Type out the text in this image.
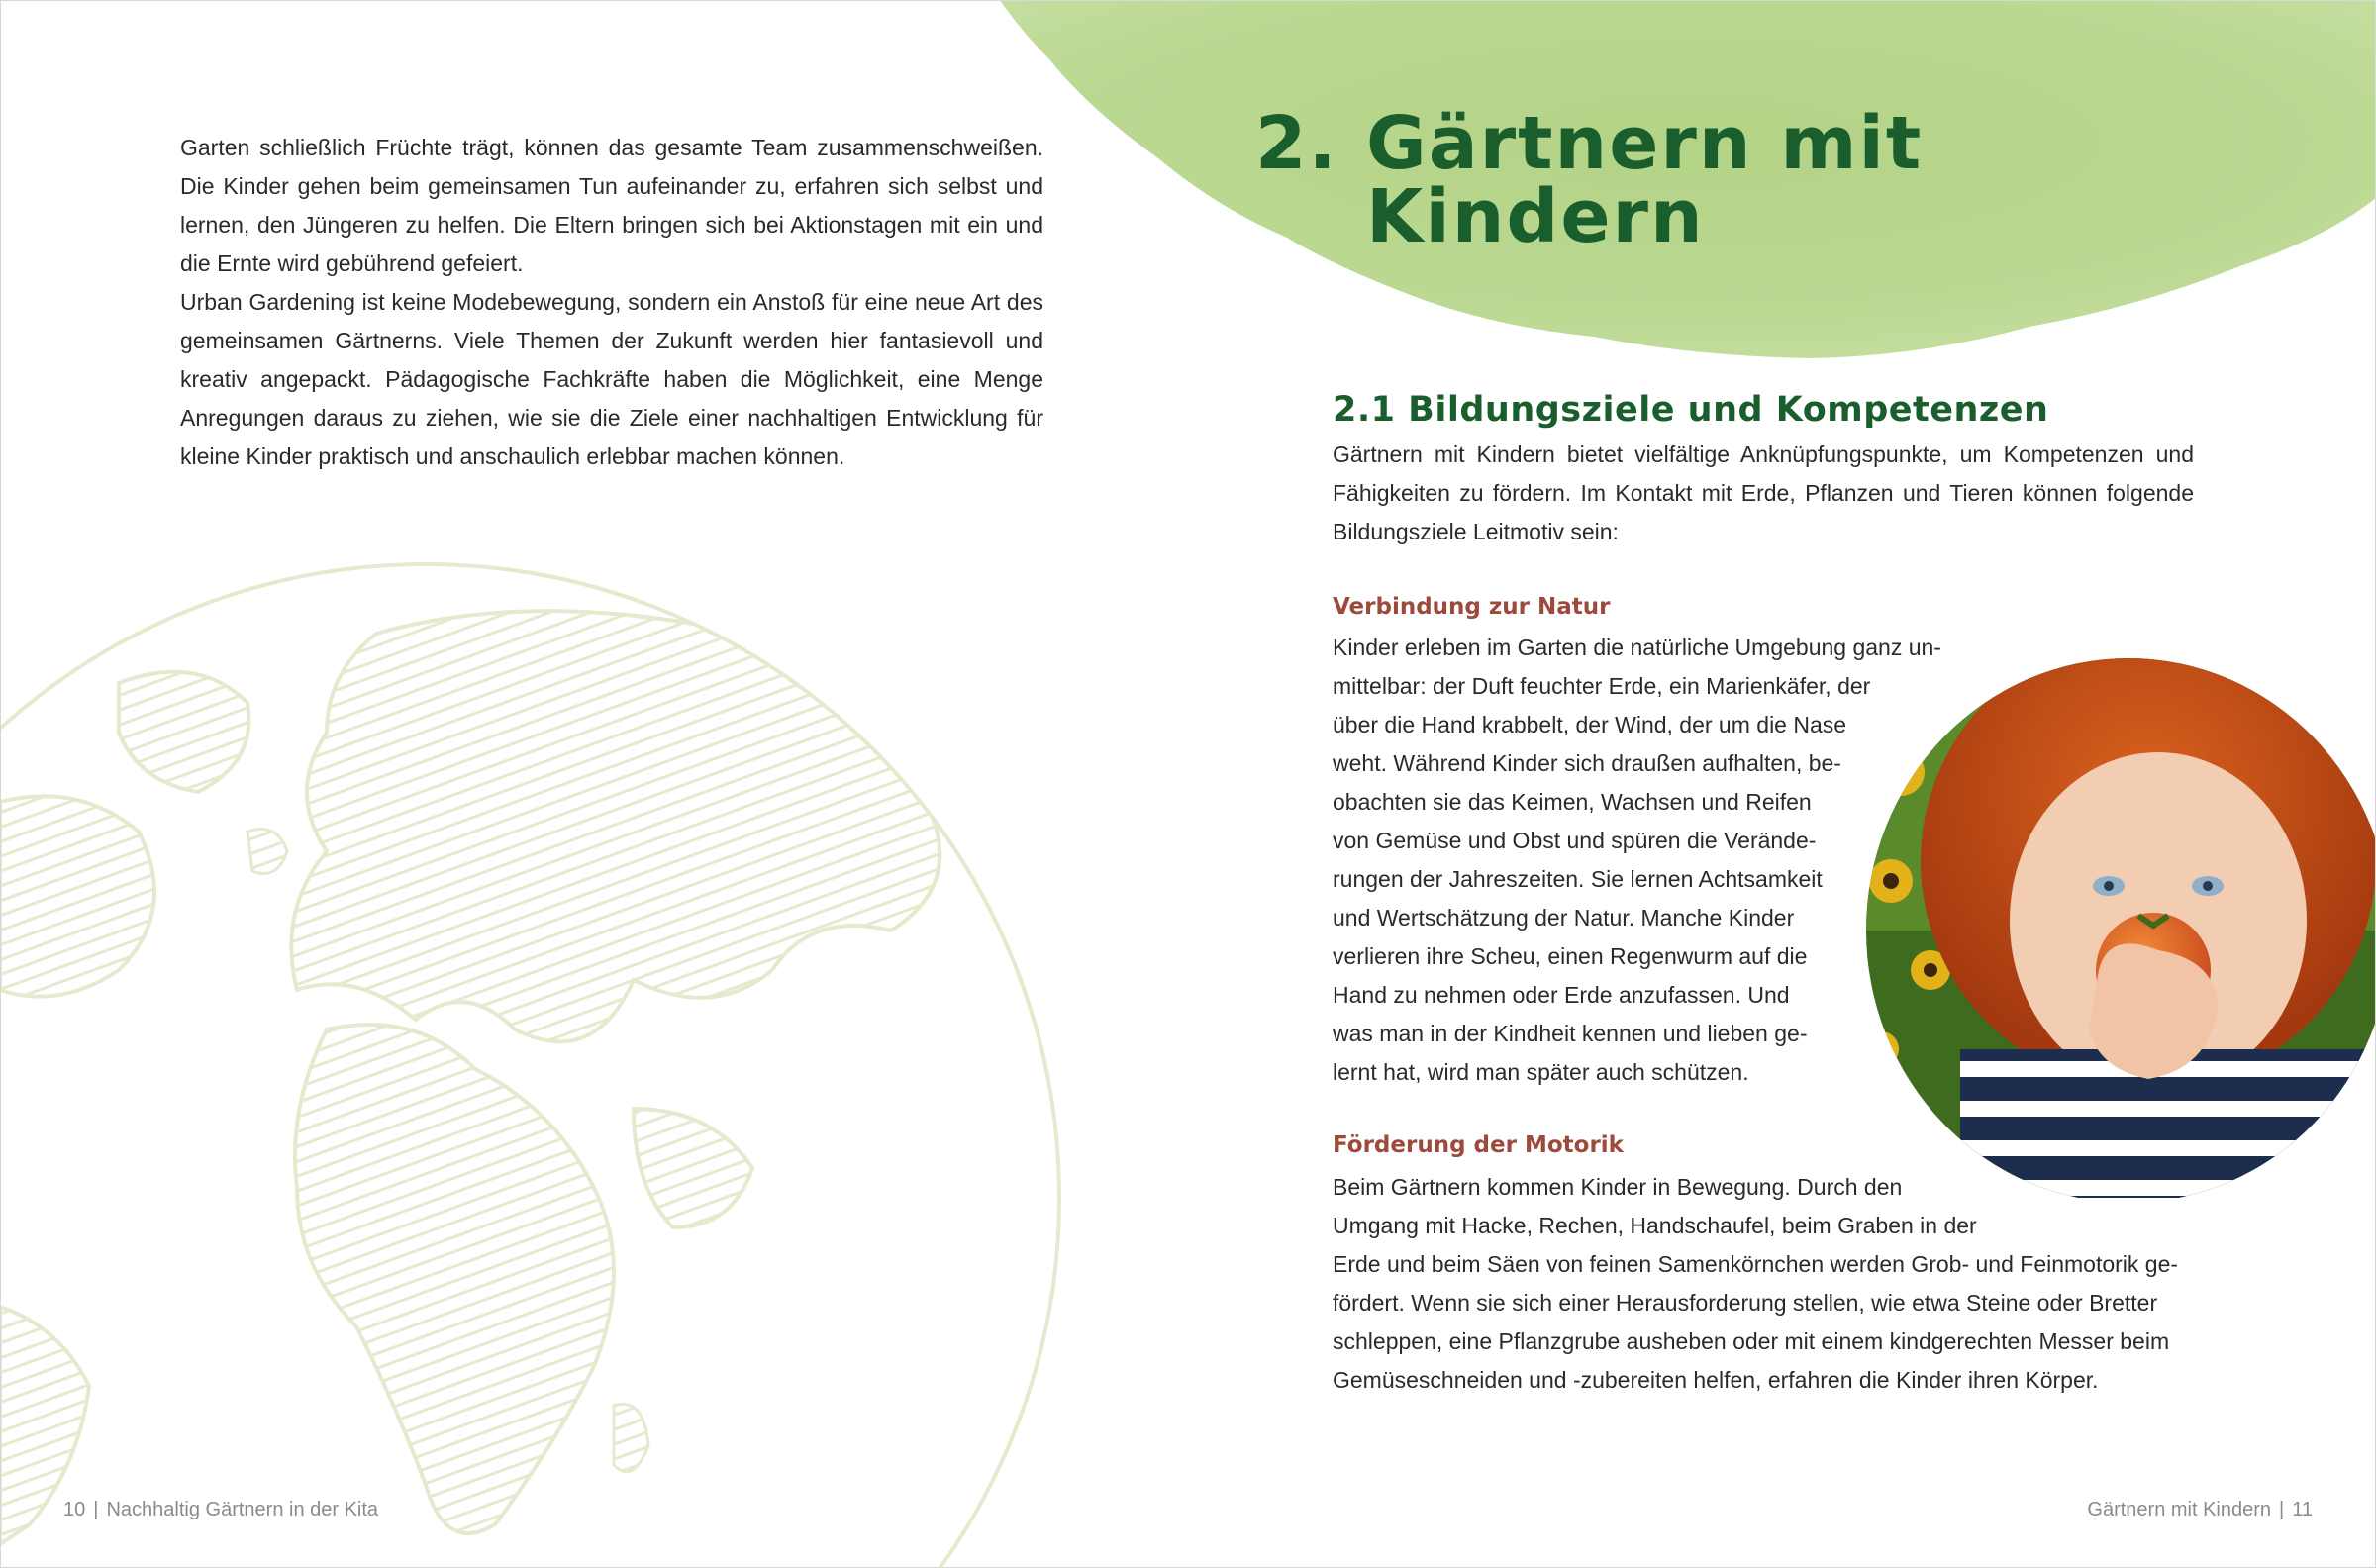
Garten schließlich Früchte trägt, können das gesamte Team zusammenschweißen. Die Kinder gehen beim gemeinsamen Tun aufeinander zu, erfahren sich selbst und lernen, den Jüngeren zu helfen. Die Eltern bringen sich bei Aktionstagen mit ein und die Ernte wird gebührend gefeiert.

Urban Gardening ist keine Modebewegung, sondern ein Anstoß für eine neue Art des gemeinsamen Gärtnerns. Viele Themen der Zukunft werden hier fantasievoll und kreativ angepackt. Pädagogische Fachkräfte haben die Möglichkeit, eine Menge Anregungen daraus zu ziehen, wie sie die Ziele einer nachhaltigen Entwicklung für kleine Kinder praktisch und anschaulich erlebbar machen können.

10 | Nachhaltig Gärtnern in der Kita
2. Gärtnern mit
Kindern
2.1 Bildungsziele und Kompetenzen

Gärtnern mit Kindern bietet vielfältige Anknüpfungspunkte, um Kompetenzen und Fähigkeiten zu fördern. Im Kontakt mit Erde, Pflanzen und Tieren können folgende Bildungsziele Leitmotiv sein:

Verbindung zur Natur
Kinder erleben im Garten die natürliche Umgebung ganz un-
mittelbar: der Duft feuchter Erde, ein Marienkäfer, der
über die Hand krabbelt, der Wind, der um die Nase
weht. Während Kinder sich draußen aufhalten, be-
obachten sie das Keimen, Wachsen und Reifen
von Gemüse und Obst und spüren die Verände-
rungen der Jahreszeiten. Sie lernen Achtsamkeit
und Wertschätzung der Natur. Manche Kinder
verlieren ihre Scheu, einen Regenwurm auf die
Hand zu nehmen oder Erde anzufassen. Und
was man in der Kindheit kennen und lieben ge-
lernt hat, wird man später auch schützen.
Förderung der Motorik
Beim Gärtnern kommen Kinder in Bewegung. Durch den
Umgang mit Hacke, Rechen, Handschaufel, beim Graben in der
Erde und beim Säen von feinen Samenkörnchen werden Grob- und Feinmotorik ge-
fördert. Wenn sie sich einer Herausforderung stellen, wie etwa Steine oder Bretter
schleppen, eine Pflanzgrube ausheben oder mit einem kindgerechten Messer beim
Gemüseschneiden und -zubereiten helfen, erfahren die Kinder ihren Körper.
Gärtnern mit Kindern | 11
